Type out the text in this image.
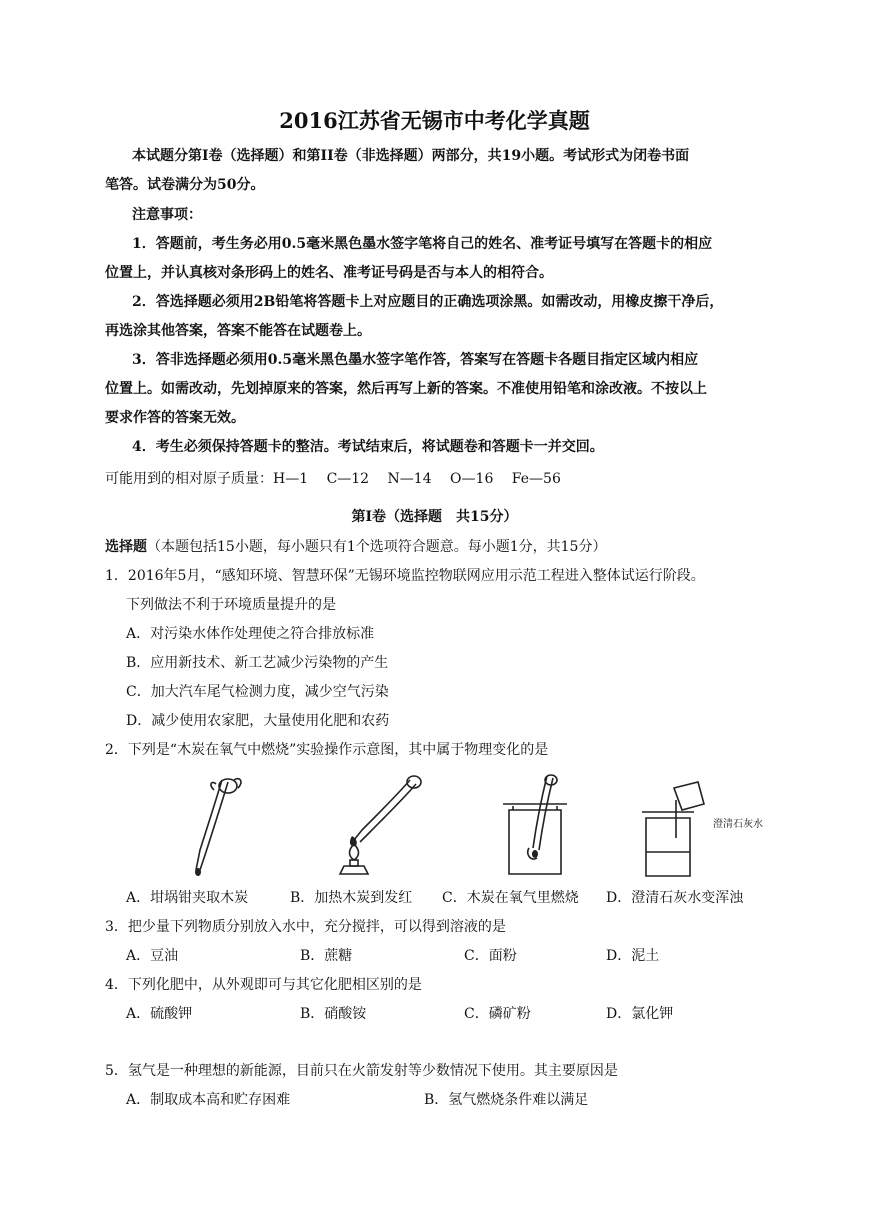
2016江苏省无锡市中考化学真题
本试题分第Ⅰ卷（选择题）和第II卷（非选择题）两部分，共19小题。考试形式为闭卷书面
笔答。试卷满分为50分。
注意事项：
1．答题前，考生务必用0.5毫米黑色墨水签字笔将自己的姓名、准考证号填写在答题卡的相应
位置上，并认真核对条形码上的姓名、准考证号码是否与本人的相符合。
2．答选择题必须用2B铅笔将答题卡上对应题目的正确选项涂黑。如需改动，用橡皮擦干净后，
再选涂其他答案，答案不能答在试题卷上。
3．答非选择题必须用0.5毫米黑色墨水签字笔作答，答案写在答题卡各题目指定区域内相应
位置上。如需改动，先划掉原来的答案，然后再写上新的答案。不准使用铅笔和涂改液。不按以上
要求作答的答案无效。
4．考生必须保持答题卡的整洁。考试结束后，将试题卷和答题卡一并交回。
可能用到的相对原子质量：H—1　 C—12　 N—14　 O—16　 Fe—56
第Ⅰ卷（选择题　共15分）
选择题（本题包括15小题，每小题只有1个选项符合题意。每小题1分，共15分）
1．2016年5月，“感知环境、智慧环保”无锡环境监控物联网应用示范工程进入整体试运行阶段。
下列做法不利于环境质量提升的是
A．对污染水体作处理使之符合排放标准
B．应用新技术、新工艺减少污染物的产生
C．加大汽车尾气检测力度，减少空气污染
D．减少使用农家肥，大量使用化肥和农药
2．下列是“木炭在氧气中燃烧”实验操作示意图，其中属于物理变化的是
澄清石灰水
A．坩埚钳夹取木炭	B．加热木炭到发红 C．木炭在氧气里燃烧 D．澄清石灰水变浑浊
3．把少量下列物质分别放入水中，充分搅拌，可以得到溶液的是
A．豆油	B．蔗糖	C．面粉	D．泥土
4．下列化肥中，从外观即可与其它化肥相区别的是
A．硫酸钾	B．硝酸铵	C．磷矿粉	D．氯化钾
5．氢气是一种理想的新能源，目前只在火箭发射等少数情况下使用。其主要原因是
A．制取成本高和贮存困难	B．氢气燃烧条件难以满足
